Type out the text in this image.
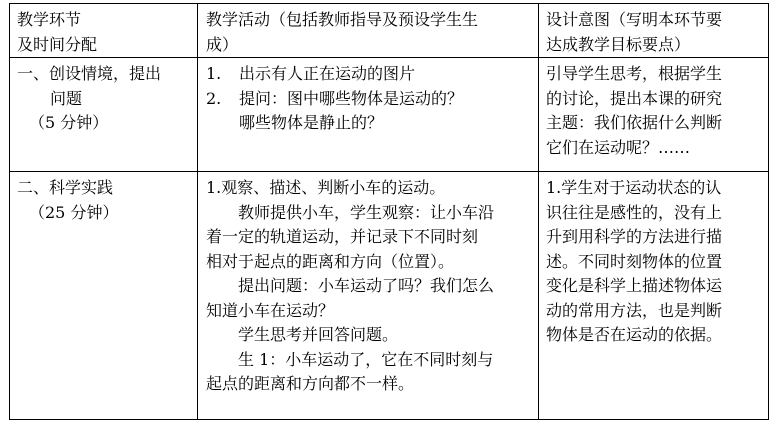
教学环节

及时间分配

教学活动（包括教师指导及预设学生生

成）

设计意图（写明本环节要

达成教学目标要点）

一、创设情境，提出

问题

（5 分钟）

1. 出示有人正在运动的图片

2. 提问：图中哪些物体是运动的？

哪些物体是静止的？

引导学生思考，根据学生

的讨论，提出本课的研究

主题：我们依据什么判断

它们在运动呢？……

二、科学实践

（25 分钟）

1.观察、描述、判断小车的运动。

教师提供小车，学生观察：让小车沿

着一定的轨道运动，并记录下不同时刻

相对于起点的距离和方向（位置）。

提出问题：小车运动了吗？我们怎么

知道小车在运动？

学生思考并回答问题。

生 1：小车运动了，它在不同时刻与

起点的距离和方向都不一样。

1.学生对于运动状态的认

识往往是感性的，没有上

升到用科学的方法进行描

述。不同时刻物体的位置

变化是科学上描述物体运

动的常用方法，也是判断

物体是否在运动的依据。
